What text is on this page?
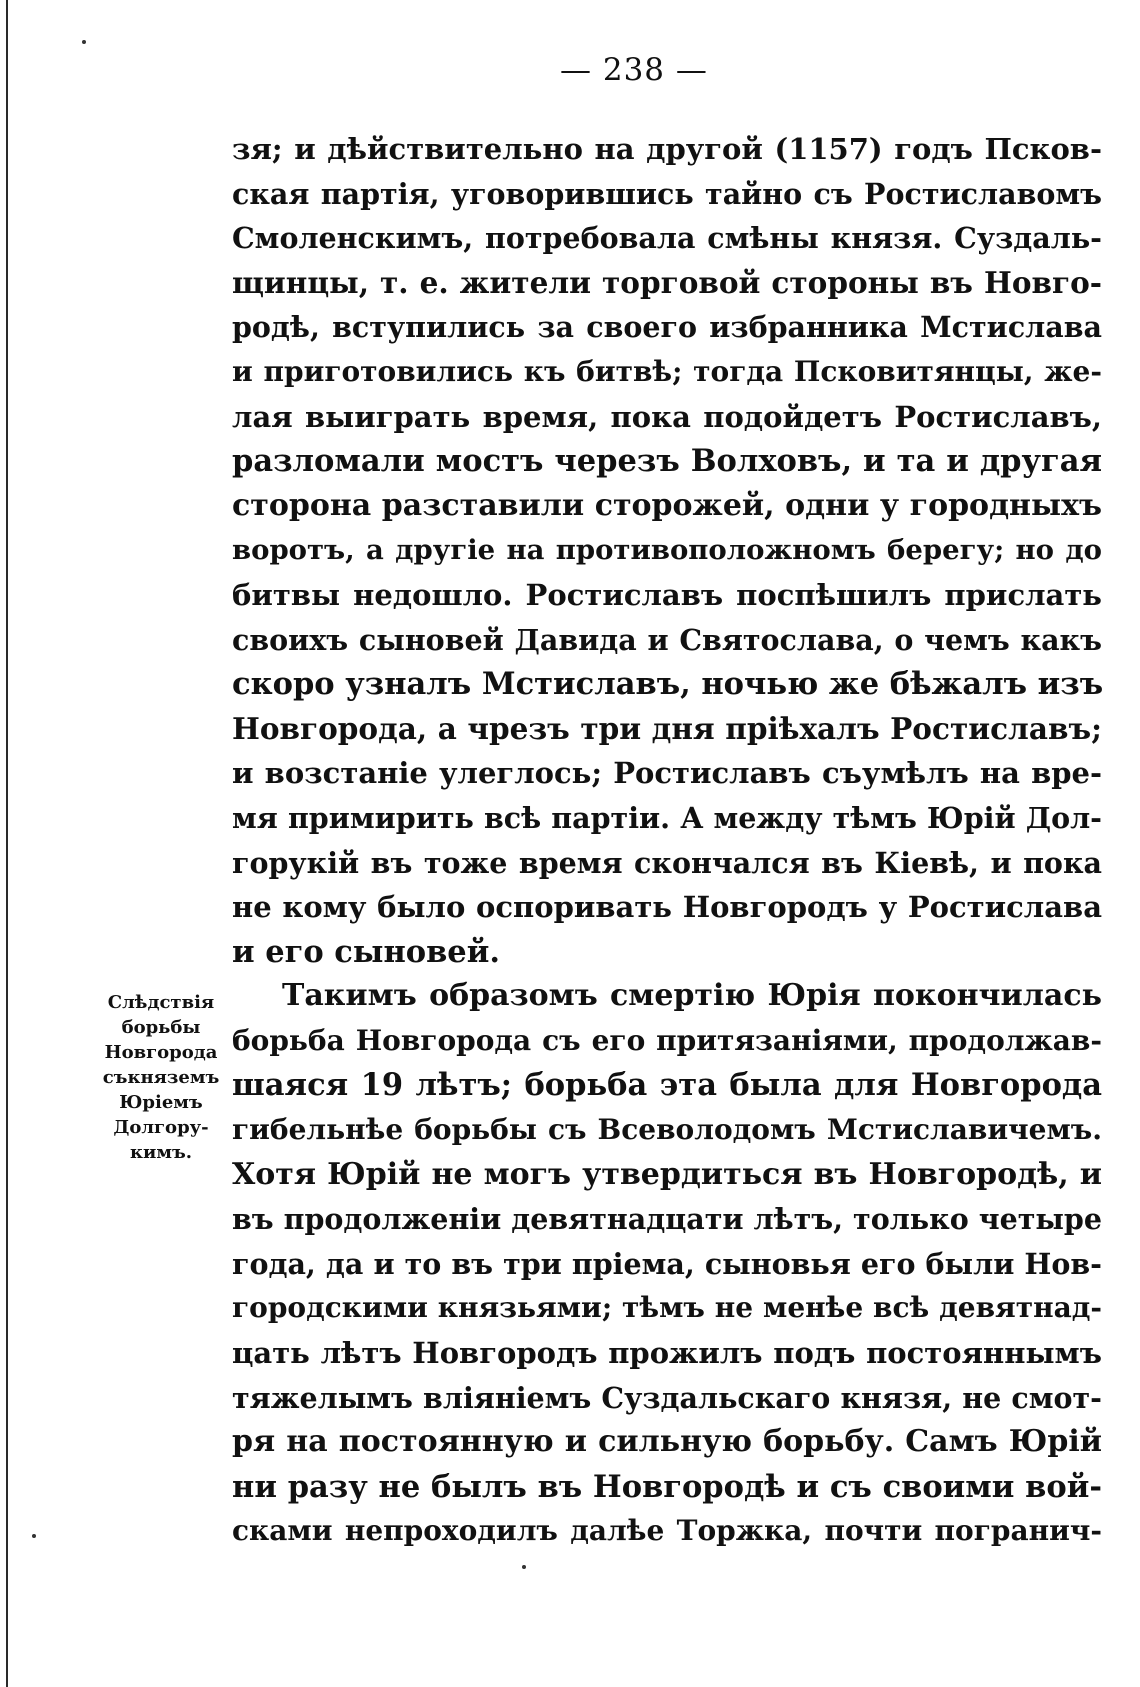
— 238 —
Слѣдствія
борьбы
Новгорода
съкняземъ
Юріемъ
Долгору-
кимъ.
зя; и дѣйствительно на другой (1157) годъ Псков-
ская партія, уговорившись тайно съ Ростиславомъ
Смоленскимъ, потребовала смѣны князя. Суздаль-
щинцы, т. е. жители торговой стороны въ Новго-
родѣ, вступились за своего избранника Мстислава
и приготовились къ битвѣ; тогда Псковитянцы, же-
лая выиграть время, пока подойдетъ Ростиславъ,
разломали мостъ черезъ Волховъ, и та и другая
сторона разставили сторожей, одни у городныхъ
воротъ, а другіе на противоположномъ берегу; но до
битвы недошло. Ростиславъ поспѣшилъ прислать
своихъ сыновей Давида и Святослава, о чемъ какъ
скоро узналъ Мстиславъ, ночью же бѣжалъ изъ
Новгорода, а чрезъ три дня пріѣхалъ Ростиславъ;
и возстаніе улеглось; Ростиславъ съумѣлъ на вре-
мя примирить всѣ партіи. А между тѣмъ Юрій Дол-
горукій въ тоже время скончался въ Кіевѣ, и пока
не кому было оспоривать Новгородъ у Ростислава
и его сыновей.
Такимъ образомъ смертію Юрія покончилась
борьба Новгорода съ его притязаніями, продолжав-
шаяся 19 лѣтъ; борьба эта была для Новгорода
гибельнѣе борьбы съ Всеволодомъ Мстиславичемъ.
Хотя Юрій не могъ утвердиться въ Новгородѣ, и
въ продолженіи девятнадцати лѣтъ, только четыре
года, да и то въ три пріема, сыновья его были Нов-
городскими князьями; тѣмъ не менѣе всѣ девятнад-
цать лѣтъ Новгородъ прожилъ подъ постояннымъ
тяжелымъ вліяніемъ Суздальскаго князя, не смот-
ря на постоянную и сильную борьбу. Самъ Юрій
ни разу не былъ въ Новгородѣ и съ своими вой-
сками непроходилъ далѣе Торжка, почти погранич-
